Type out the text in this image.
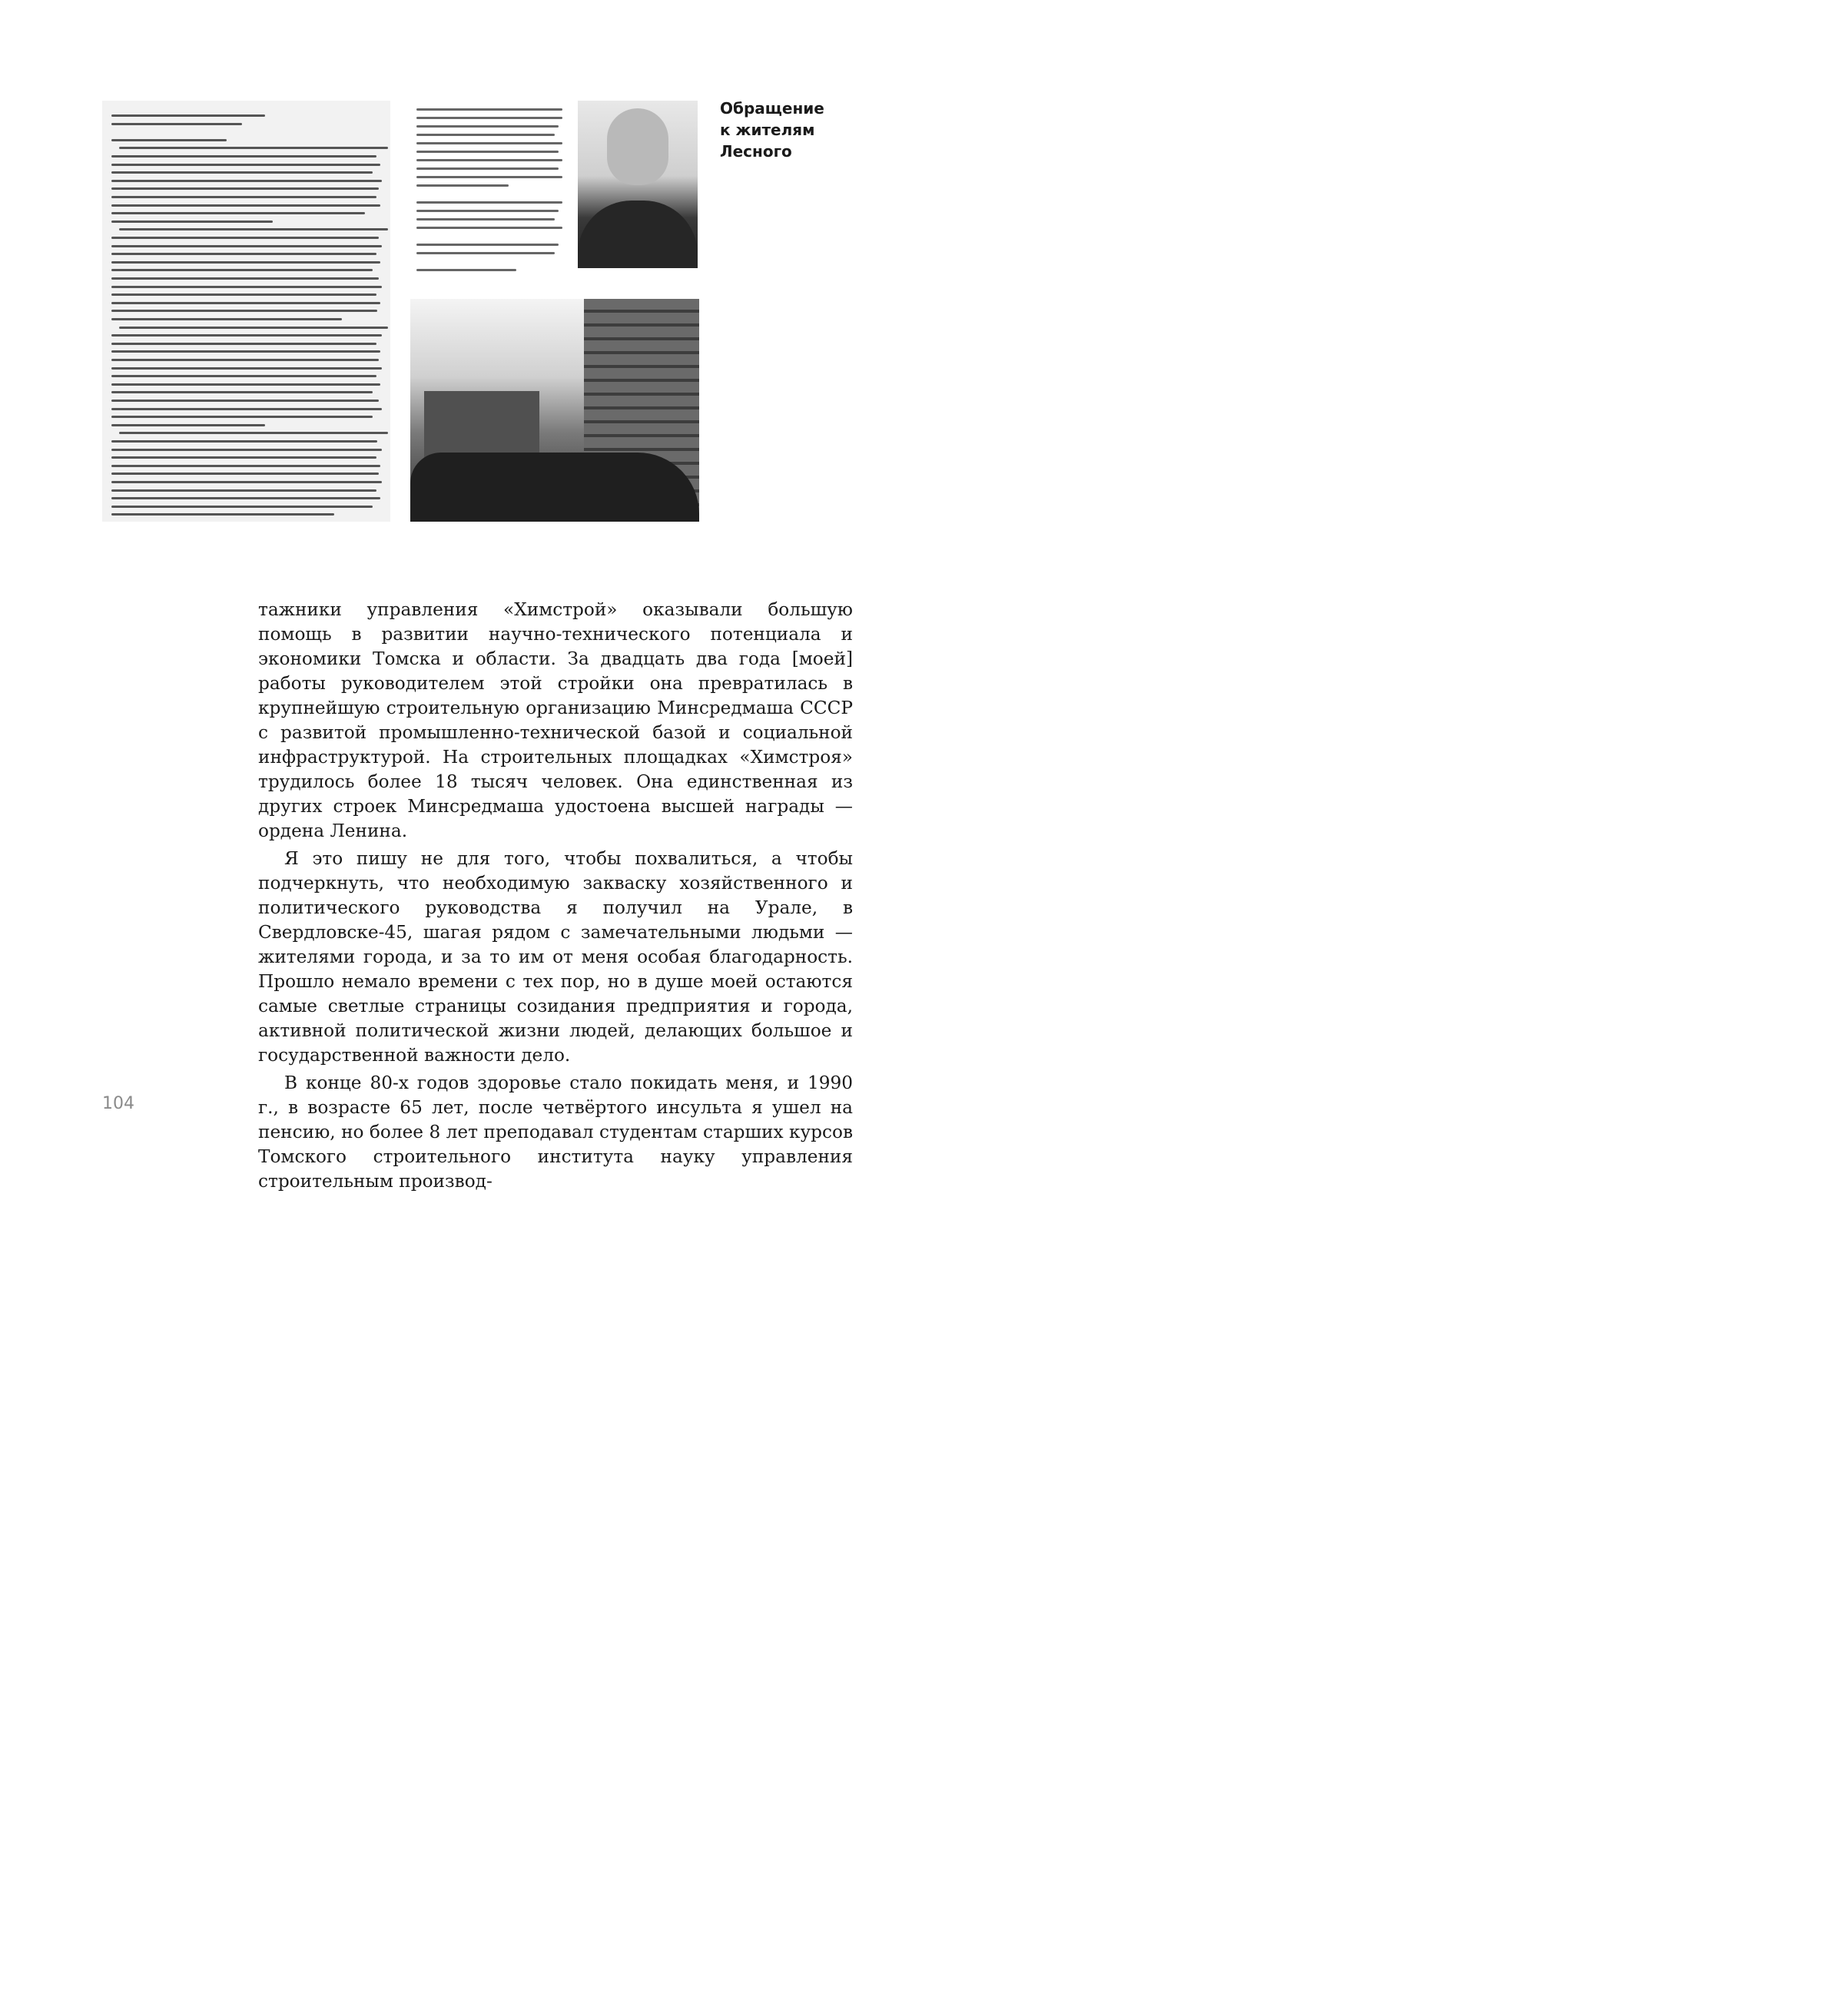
Обращение
к жителям
Лесного

тажники управления «Химстрой» оказывали большую помощь в развитии научно-технического потенциала и экономики Томска и области. За двадцать два года [моей] работы руководителем этой стройки она превратилась в крупнейшую строительную организацию Минсредмаша СССР с развитой промышленно-технической базой и социальной инфраструктурой. На строительных площадках «Химстроя» трудилось более 18 тысяч человек. Она единственная из других строек Минсредмаша удостоена высшей награды — ордена Ленина.

Я это пишу не для того, чтобы похвалиться, а чтобы подчеркнуть, что необходимую закваску хозяйственного и политического руководства я получил на Урале, в Свердловске-45, шагая рядом с замечательными людьми — жителями города, и за то им от меня особая благодарность. Прошло немало времени с тех пор, но в душе моей остаются самые светлые страницы созидания предприятия и города, активной политической жизни людей, делающих большое и государственной важности дело.

В конце 80-х годов здоровье стало покидать меня, и 1990 г., в возрасте 65 лет, после четвёртого инсульта я ушел на пенсию, но более 8 лет преподавал студентам старших курсов Томского строительного института науку управления строительным производ-

104
